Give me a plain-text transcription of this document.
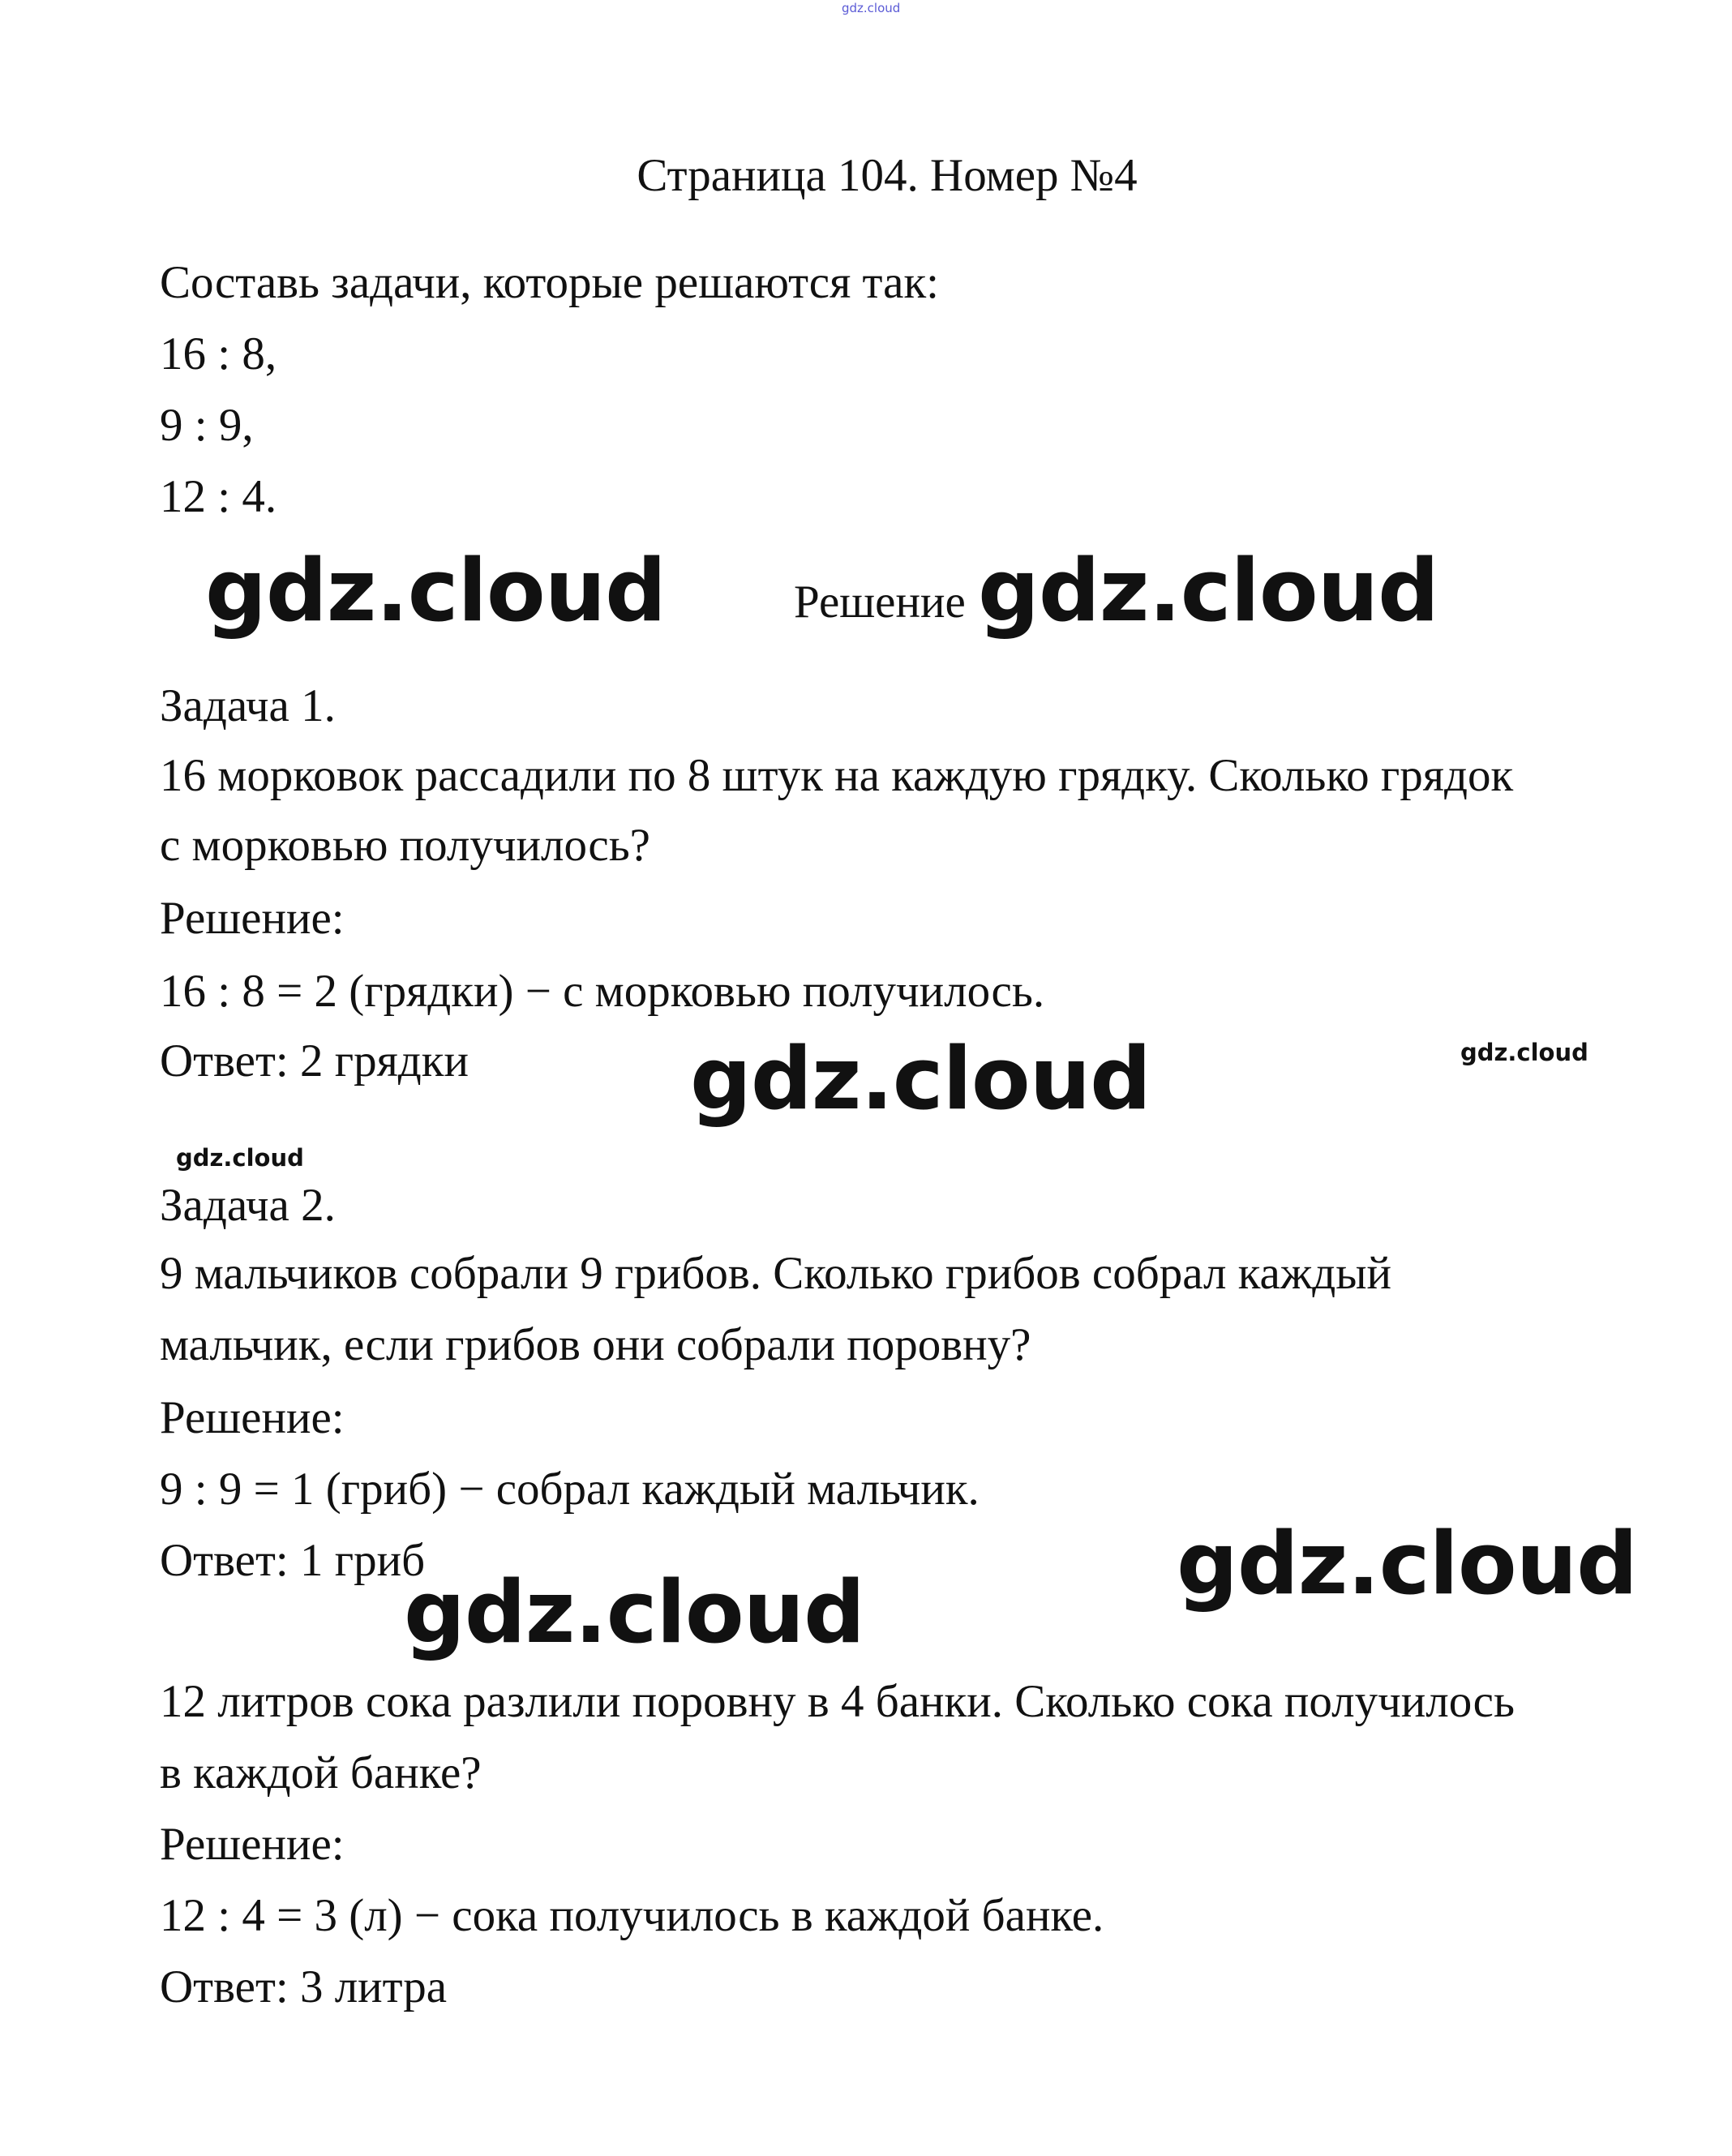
gdz.cloud
Страница 104. Номер №4
Составь задачи, которые решаются так:
16 : 8,
9 : 9,
12 : 4.
gdz.cloud	Решение gdz.cloud
Задача 1.
16 морковок рассадили по 8 штук на каждую грядку. Сколько грядок
с морковью получилось?
Решение:
16 : 8 = 2 (грядки) − с морковью получилось.
Ответ: 2 грядки	gdz.cloud	gdz.cloud
gdz.cloud
Задача 2.
9 мальчиков собрали 9 грибов. Сколько грибов собрал каждый
мальчик, если грибов они собрали поровну?
Решение:
9 : 9 = 1 (гриб) − собрал каждый мальчик.
Ответ: 1 гриб	gdz.cloud
gdz.cloud
12 литров сока разлили поровну в 4 банки. Сколько сока получилось
в каждой банке?
Решение:
12 : 4 = 3 (л) − сока получилось в каждой банке.
Ответ: 3 литра
